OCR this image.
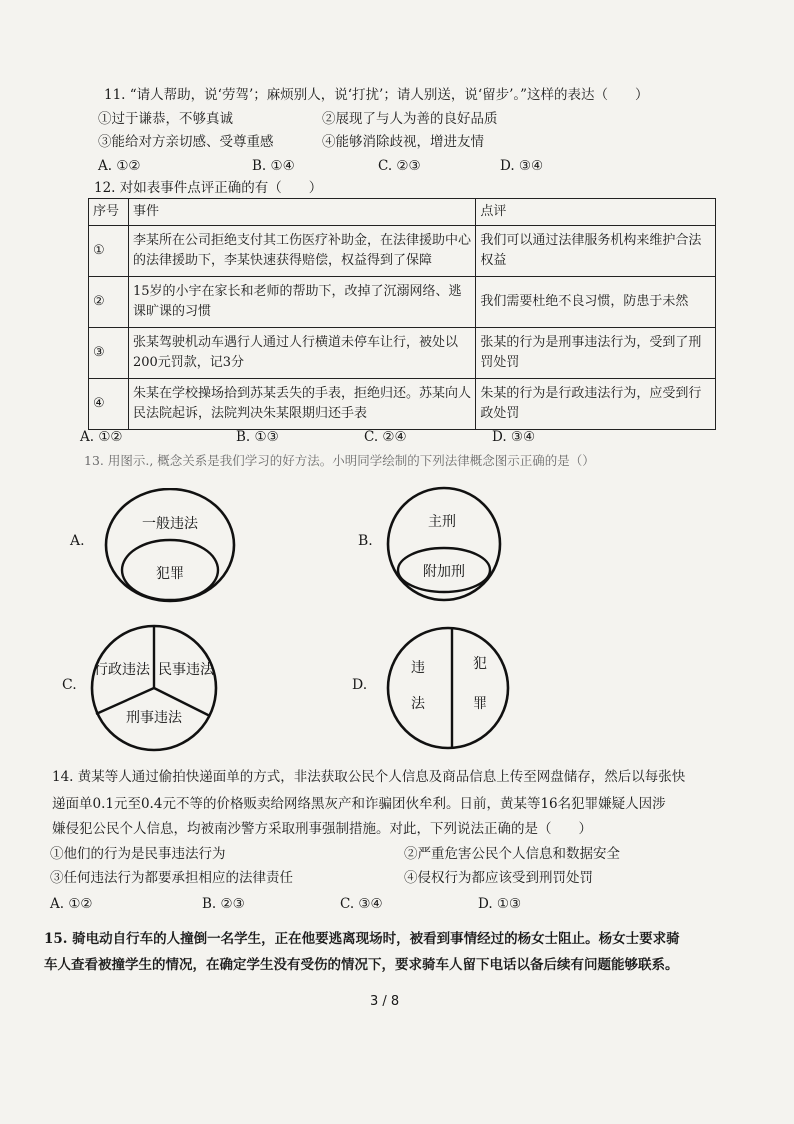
11. “请人帮助，说‘劳驾’；麻烦别人，说‘打扰’；请人别送，说‘留步’。”这样的表达（　　）
①过于谦恭，不够真诚	②展现了与人为善的良好品质
③能给对方亲切感、受尊重感	④能够消除歧视，增进友情
A. ①②	B. ①④	C. ②③	D. ③④
12. 对如表事件点评正确的有（　　）
序号	事件	点评
①	李某所在公司拒绝支付其工伤医疗补助金，在法律援助中心的法律援助下，李某快速获得赔偿，权益得到了保障	我们可以通过法律服务机构来维护合法权益
②	15岁的小宇在家长和老师的帮助下，改掉了沉溺网络、逃课旷课的习惯	我们需要杜绝不良习惯，防患于未然
③	张某驾驶机动车遇行人通过人行横道未停车让行，被处以200元罚款，记3分	张某的行为是刑事违法行为，受到了刑罚处罚
④	朱某在学校操场拾到苏某丢失的手表，拒绝归还。苏某向人民法院起诉，法院判决朱某限期归还手表	朱某的行为是行政违法行为，应受到行政处罚
A. ①②	B. ①③	C. ②④	D. ③④
13. 用图示., 概念关系是我们学习的好方法。小明同学绘制的下列法律概念图示正确的是（）
A.
一般违法
犯罪
B.
主刑
附加刑
C.
行政违法 民事违法
刑事违法
D.
违
法
犯
罪
14. 黄某等人通过偷拍快递面单的方式，非法获取公民个人信息及商品信息上传至网盘储存，然后以每张快
递面单0.1元至0.4元不等的价格贩卖给网络黑灰产和诈骗团伙牟利。日前，黄某等16名犯罪嫌疑人因涉
嫌侵犯公民个人信息，均被南沙警方采取刑事强制措施。对此，下列说法正确的是（　　）
①他们的行为是民事违法行为	②严重危害公民个人信息和数据安全
③任何违法行为都要承担相应的法律责任	④侵权行为都应该受到刑罚处罚
A. ①②	B. ②③	C. ③④	D. ①③
15. 骑电动自行车的人撞倒一名学生，正在他要逃离现场时，被看到事情经过的杨女士阻止。杨女士要求骑
车人查看被撞学生的情况，在确定学生没有受伤的情况下，要求骑车人留下电话以备后续有问题能够联系。
3 / 8
